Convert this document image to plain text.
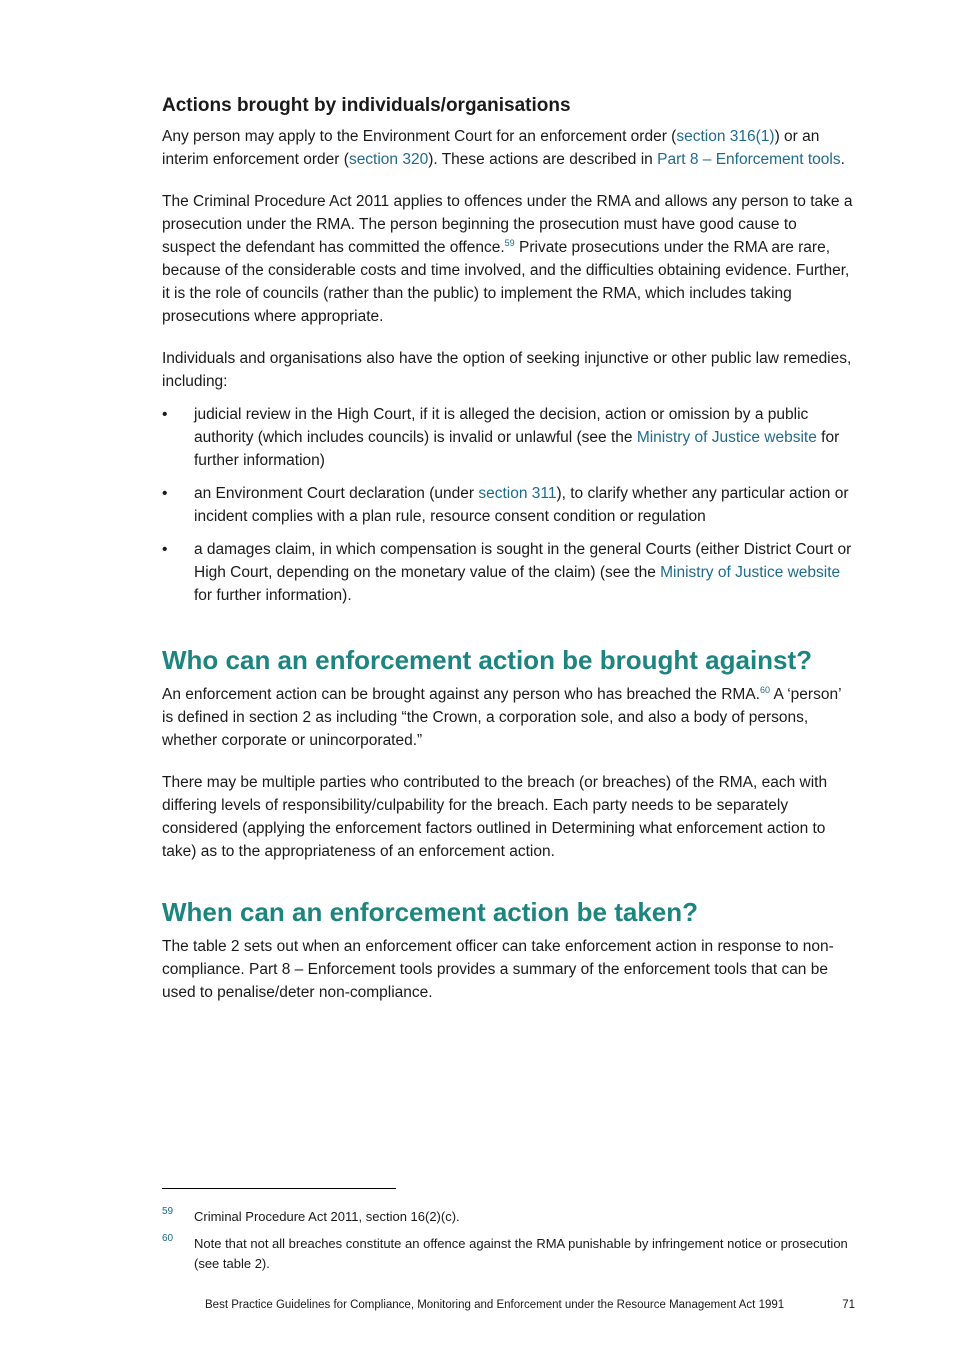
Actions brought by individuals/organisations

Any person may apply to the Environment Court for an enforcement order (section 316(1)) or an interim enforcement order (section 320). These actions are described in Part 8 – Enforcement tools.

The Criminal Procedure Act 2011 applies to offences under the RMA and allows any person to take a prosecution under the RMA. The person beginning the prosecution must have good cause to suspect the defendant has committed the offence.$^{59}$ Private prosecutions under the RMA are rare, because of the considerable costs and time involved, and the difficulties obtaining evidence. Further, it is the role of councils (rather than the public) to implement the RMA, which includes taking prosecutions where appropriate.

Individuals and organisations also have the option of seeking injunctive or other public law remedies, including:

• judicial review in the High Court, if it is alleged the decision, action or omission by a public authority (which includes councils) is invalid or unlawful (see the Ministry of Justice website for further information)
• an Environment Court declaration (under section 311), to clarify whether any particular action or incident complies with a plan rule, resource consent condition or regulation
• a damages claim, in which compensation is sought in the general Courts (either District Court or High Court, depending on the monetary value of the claim) (see the Ministry of Justice website for further information).
Who can an enforcement action be brought against?

An enforcement action can be brought against any person who has breached the RMA.$^{60}$ A ‘person’ is defined in section 2 as including “the Crown, a corporation sole, and also a body of persons, whether corporate or unincorporated.”

There may be multiple parties who contributed to the breach (or breaches) of the RMA, each with differing levels of responsibility/culpability for the breach. Each party needs to be separately considered (applying the enforcement factors outlined in Determining what enforcement action to take) as to the appropriateness of an enforcement action.

When can an enforcement action be taken?

The table 2 sets out when an enforcement officer can take enforcement action in response to non-compliance. Part 8 – Enforcement tools provides a summary of the enforcement tools that can be used to penalise/deter non-compliance.

59	Criminal Procedure Act 2011, section 16(2)(c).
60	Note that not all breaches constitute an offence against the RMA punishable by infringement notice or prosecution (see table 2).
Best Practice Guidelines for Compliance, Monitoring and Enforcement under the Resource Management Act 1991	71
